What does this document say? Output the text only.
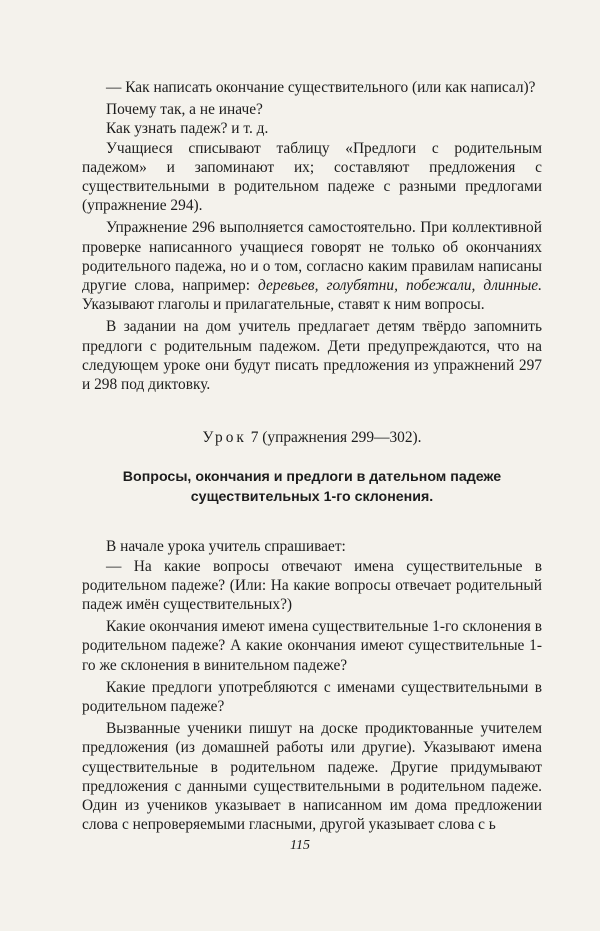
— Как написать окончание существительного (или как написал)?

Почему так, а не иначе?

Как узнать падеж? и т. д.

Учащиеся списывают таблицу «Предлоги с родительным падежом» и запоминают их; составляют предложения с существительными в родительном падеже с разными предлогами (упражнение 294).

Упражнение 296 выполняется самостоятельно. При коллективной проверке написанного учащиеся говорят не только об окончаниях родительного падежа, но и о том, согласно каким правилам написаны другие слова, например: деревьев, голубятни, побежали, длинные. Указывают глаголы и прилагательные, ставят к ним вопросы.

В задании на дом учитель предлагает детям твёрдо запомнить предлоги с родительным падежом. Дети предупреждаются, что на следующем уроке они будут писать предложения из упражнений 297 и 298 под диктовку.

Урок 7 (упражнения 299—302).

Вопросы, окончания и предлоги в дательном падеже
существительных 1-го склонения.

В начале урока учитель спрашивает:

— На какие вопросы отвечают имена существительные в родительном падеже? (Или: На какие вопросы отвечает родительный падеж имён существительных?)

Какие окончания имеют имена существительные 1-го склонения в родительном падеже? А какие окончания имеют существительные 1-го же склонения в винительном падеже?

Какие предлоги употребляются с именами существительными в родительном падеже?

Вызванные ученики пишут на доске продиктованные учителем предложения (из домашней работы или другие). Указывают имена существительные в родительном падеже. Другие придумывают предложения с данными существительными в родительном падеже. Один из учеников указывает в написанном им дома предложении слова с непроверяемыми гласными, другой указывает слова с ь

115
